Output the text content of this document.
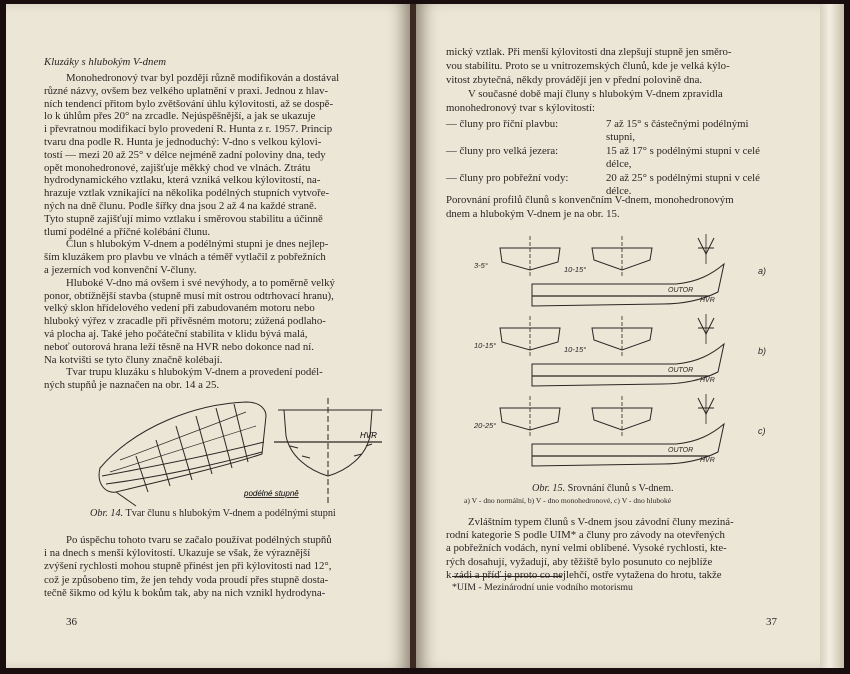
Kluzáky s hlubokým V-dnem
Monohedronový tvar byl později různě modifikován a dostával
různé názvy, ovšem bez velkého uplatnění v praxi. Jednou z hlav-
ních tendencí přitom bylo zvětšování úhlu kýlovitosti, až se dospě-
lo k úhlům přes 20° na zrcadle. Nejúspěšnější, a jak se ukazuje
i převratnou modifikací bylo provedení R. Hunta z r. 1957. Princip
tvaru dna podle R. Hunta je jednoduchý: V-dno s velkou kýlovi-
tostí — mezi 20 až 25° v délce nejméně zadní poloviny dna, tedy
opět monohedronové, zajišťuje měkký chod ve vlnách. Ztrátu
hydrodynamického vztlaku, která vzniká velkou kýlovitostí, na-
hrazuje vztlak vznikající na několika podélných stupních vytvoře-
ných na dně člunu. Podle šířky dna jsou 2 až 4 na každé straně.
Tyto stupně zajišťují mimo vztlaku i směrovou stabilitu a účinně
tlumí podélné a příčné kolébání člunu.
Člun s hlubokým V-dnem a podélnými stupni je dnes nejlep-
ším kluzákem pro plavbu ve vlnách a téměř vytlačil z pobřežních
a jezerních vod konvenční V-čluny.
Hluboké V-dno má ovšem i své nevýhody, a to poměrně velký
ponor, obtížnější stavba (stupně musí mít ostrou odtrhovací hranu),
velký sklon hřídelového vedení při zabudovaném motoru nebo
hluboký výřez v zracadle při přívěsném motoru; zúžená podlaho-
vá plocha aj. Také jeho počáteční stabilita v klidu bývá malá,
neboť outorová hrana leží těsně na HVR nebo dokonce nad ní.
Na kotvišti se tyto čluny značně kolébají.
Tvar trupu kluzáku s hlubokým V-dnem a provedení podél-
ných stupňů je naznačen na obr. 14 a 25.
HVR
podélné stupně
Obr. 14. Tvar člunu s hlubokým V-dnem a podélnými stupni
Po úspěchu tohoto tvaru se začalo používat podélných stupňů
i na dnech s menší kýlovitostí. Ukazuje se však, že výraznější
zvýšení rychlosti mohou stupně přinést jen při kýlovitosti nad 12°,
což je způsobeno tím, že jen tehdy voda proudí přes stupně dosta-
tečně šikmo od kýlu k bokům tak, aby na nich vznikl hydrodyna-
36
mický vztlak. Při menší kýlovitosti dna zlepšují stupně jen směro-
vou stabilitu. Proto se u vnitrozemských člunů, kde je velká kýlo-
vitost zbytečná, někdy provádějí jen v přední polovině dna.
V současné době mají čluny s hlubokým V-dnem zpravidla
monohedronový tvar s kýlovitostí:
— čluny pro říční plavbu:	7 až 15° s částečnými podélnými
stupni,
— čluny pro velká jezera:	15 až 17° s podélnými stupni v celé
délce,
— čluny pro pobřežní vody:	20 až 25° s podélnými stupni v celé
délce.
Porovnání profilů člunů s konvenčním V-dnem, monohedronovým
dnem a hlubokým V-dnem je na obr. 15.
3-5°	10-15°
OUTOR
HVR
a)
10-15°	10-15°
OUTOR
HVR
b)
20-25°
OUTOR
HVR
c)
Obr. 15. Srovnání člunů s V-dnem.
a) V - dno normální, b) V - dno monohedronové, c) V - dno hluboké
Zvláštním typem člunů s V-dnem jsou závodní čluny meziná-
rodní kategorie S podle UIM* a čluny pro závody na otevřených
a pobřežních vodách, nyní velmi oblíbené. Vysoké rychlosti, kte-
rých dosahují, vyžadují, aby těžiště bylo posunuto co nejblíže
k zádi a příď je proto co nejlehčí, ostře vytažena do hrotu, takže
*UIM - Mezinárodní unie vodního motorismu
37
